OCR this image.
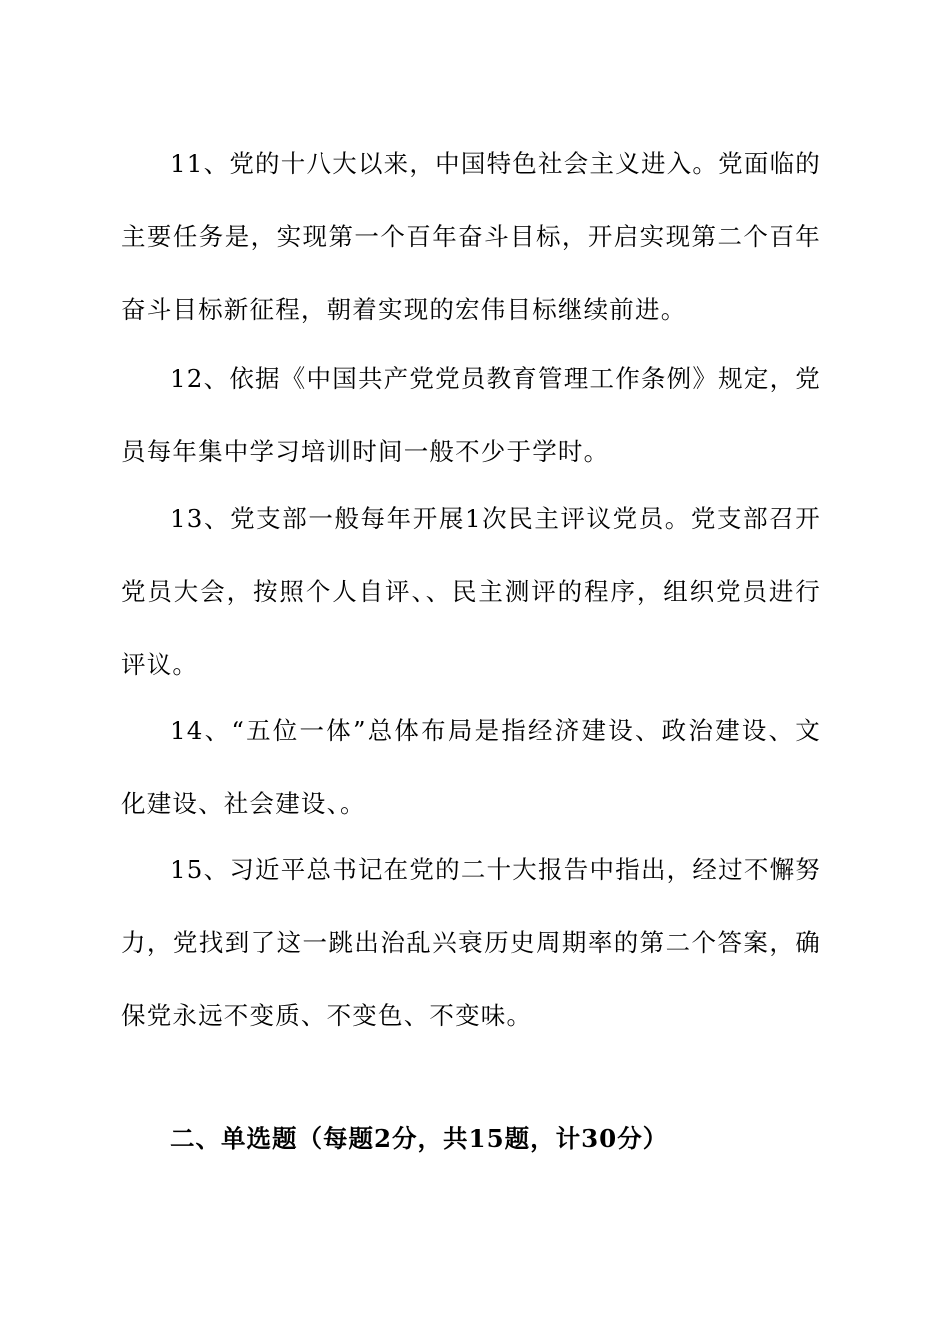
11、党的十八大以来，中国特色社会主义进入。党面临的主要任务是，实现第一个百年奋斗目标，开启实现第二个百年奋斗目标新征程，朝着实现的宏伟目标继续前进。

12、依据《中国共产党党员教育管理工作条例》规定，党员每年集中学习培训时间一般不少于学时。

13、党支部一般每年开展1次民主评议党员。党支部召开党员大会，按照个人自评、、民主测评的程序，组织党员进行评议。

14、“五位一体”总体布局是指经济建设、政治建设、文化建设、社会建设、。

15、习近平总书记在党的二十大报告中指出，经过不懈努力，党找到了这一跳出治乱兴衰历史周期率的第二个答案，确保党永远不变质、不变色、不变味。

二、单选题（每题2分，共15题，计30分）
